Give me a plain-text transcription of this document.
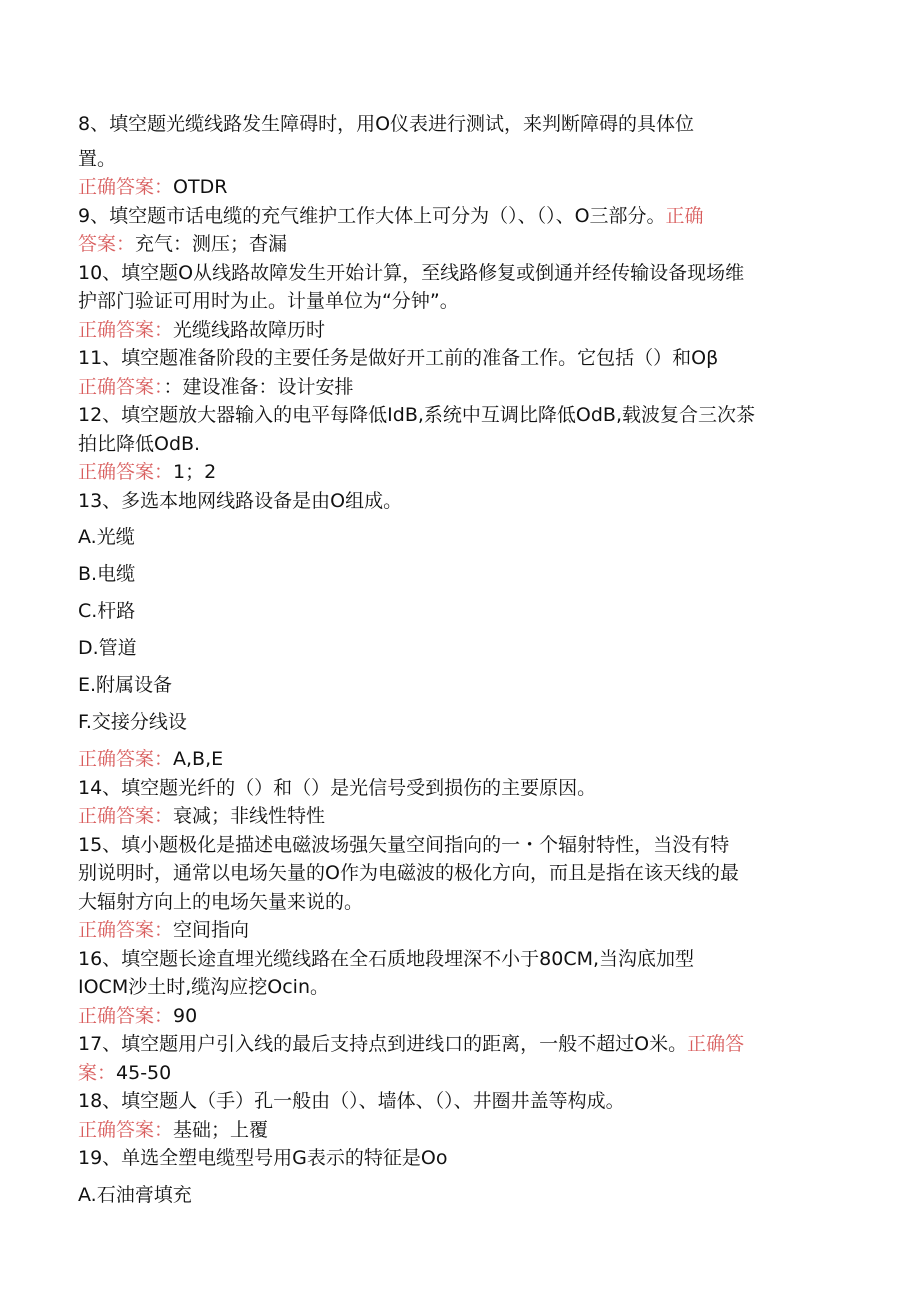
8、填空题光缆线路发生障碍时，用O仪表进行测试，来判断障碍的具体位
置。
正确答案：OTDR
9、填空题市话电缆的充气维护工作大体上可分为（）、（）、O三部分。正确
答案：充气：测压；杳漏
10、填空题O从线路故障发生开始计算，至线路修复或倒通并经传输设备现场维
护部门验证可用时为止。计量单位为“分钟”。
正确答案：光缆线路故障历时
11、填空题准备阶段的主要任务是做好开工前的准备工作。它包括（）和Oβ
正确答案：：建设准备：设计安排
12、填空题放大器输入的电平每降低IdB,系统中互调比降低OdB,载波复合三次茶
拍比降低OdB.
正确答案：1；2
13、多选本地网线路设备是由O组成。
A.光缆
B.电缆
C.杆路
D.管道
E.附属设备
F.交接分线设
正确答案：A,B,E
14、填空题光纤的（）和（）是光信号受到损伤的主要原因。
正确答案：衰减；非线性特性
15、填小题极化是描述电磁波场强矢量空间指向的一・个辐射特性，当没有特
别说明时，通常以电场矢量的O作为电磁波的极化方向，而且是指在该天线的最
大辐射方向上的电场矢量来说的。
正确答案：空间指向
16、填空题长途直埋光缆线路在全石质地段埋深不小于80CM,当沟底加型
IOCM沙土时,缆沟应挖Ocin。
正确答案：90
17、填空题用户引入线的最后支持点到进线口的距离，一般不超过O米。正确答
案：45-50
18、填空题人（手）孔一般由（）、墙体、（）、井圈井盖等构成。
正确答案：基础；上覆
19、单选全塑电缆型号用G表示的特征是Oo
A.石油膏填充
